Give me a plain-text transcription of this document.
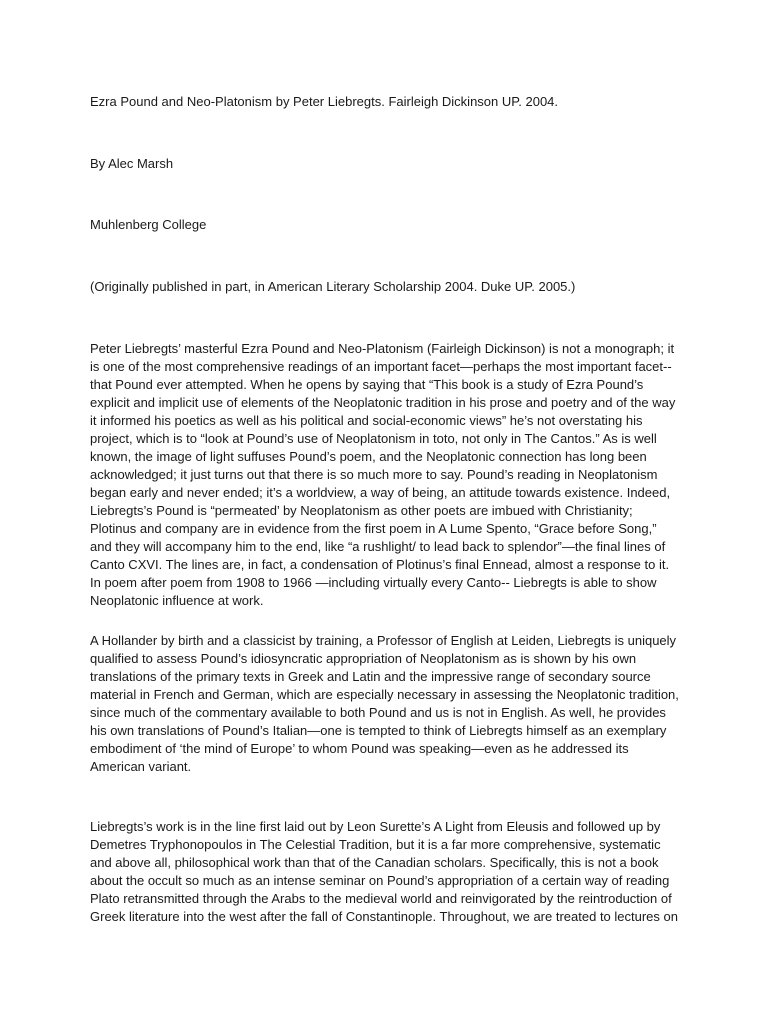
Ezra Pound and Neo-Platonism by Peter Liebregts. Fairleigh Dickinson UP. 2004.

By Alec Marsh

Muhlenberg College

(Originally published in part, in American Literary Scholarship 2004. Duke UP. 2005.)

Peter Liebregts’ masterful Ezra Pound and Neo-Platonism (Fairleigh Dickinson) is not a monograph; it is one of the most comprehensive readings of an important facet—perhaps the most important facet--that Pound ever attempted. When he opens by saying that “This book is a study of Ezra Pound’s explicit and implicit use of elements of the Neoplatonic tradition in his prose and poetry and of the way it informed his poetics as well as his political and social-economic views” he’s not overstating his project, which is to “look at Pound’s use of Neoplatonism in toto, not only in The Cantos.” As is well known, the image of light suffuses Pound’s poem, and the Neoplatonic connection has long been acknowledged; it just turns out that there is so much more to say. Pound’s reading in Neoplatonism began early and never ended; it’s a worldview, a way of being, an attitude towards existence. Indeed, Liebregts’s Pound is “permeated’ by Neoplatonism as other poets are imbued with Christianity; Plotinus and company are in evidence from the first poem in A Lume Spento, “Grace before Song,” and they will accompany him to the end, like “a rushlight/ to lead back to splendor”—the final lines of Canto CXVI. The lines are, in fact, a condensation of Plotinus’s final Ennead, almost a response to it. In poem after poem from 1908 to 1966 —including virtually every Canto-- Liebregts is able to show Neoplatonic influence at work.

A Hollander by birth and a classicist by training, a Professor of English at Leiden, Liebregts is uniquely qualified to assess Pound’s idiosyncratic appropriation of Neoplatonism as is shown by his own translations of the primary texts in Greek and Latin and the impressive range of secondary source material in French and German, which are especially necessary in assessing the Neoplatonic tradition, since much of the commentary available to both Pound and us is not in English. As well, he provides his own translations of Pound’s Italian—one is tempted to think of Liebregts himself as an exemplary embodiment of ‘the mind of Europe’ to whom Pound was speaking—even as he addressed its American variant.

Liebregts’s work is in the line first laid out by Leon Surette’s A Light from Eleusis and followed up by Demetres Tryphonopoulos in The Celestial Tradition, but it is a far more comprehensive, systematic and above all, philosophical work than that of the Canadian scholars. Specifically, this is not a book about the occult so much as an intense seminar on Pound’s appropriation of a certain way of reading Plato retransmitted through the Arabs to the medieval world and reinvigorated by the reintroduction of Greek literature into the west after the fall of Constantinople. Throughout, we are treated to lectures on
